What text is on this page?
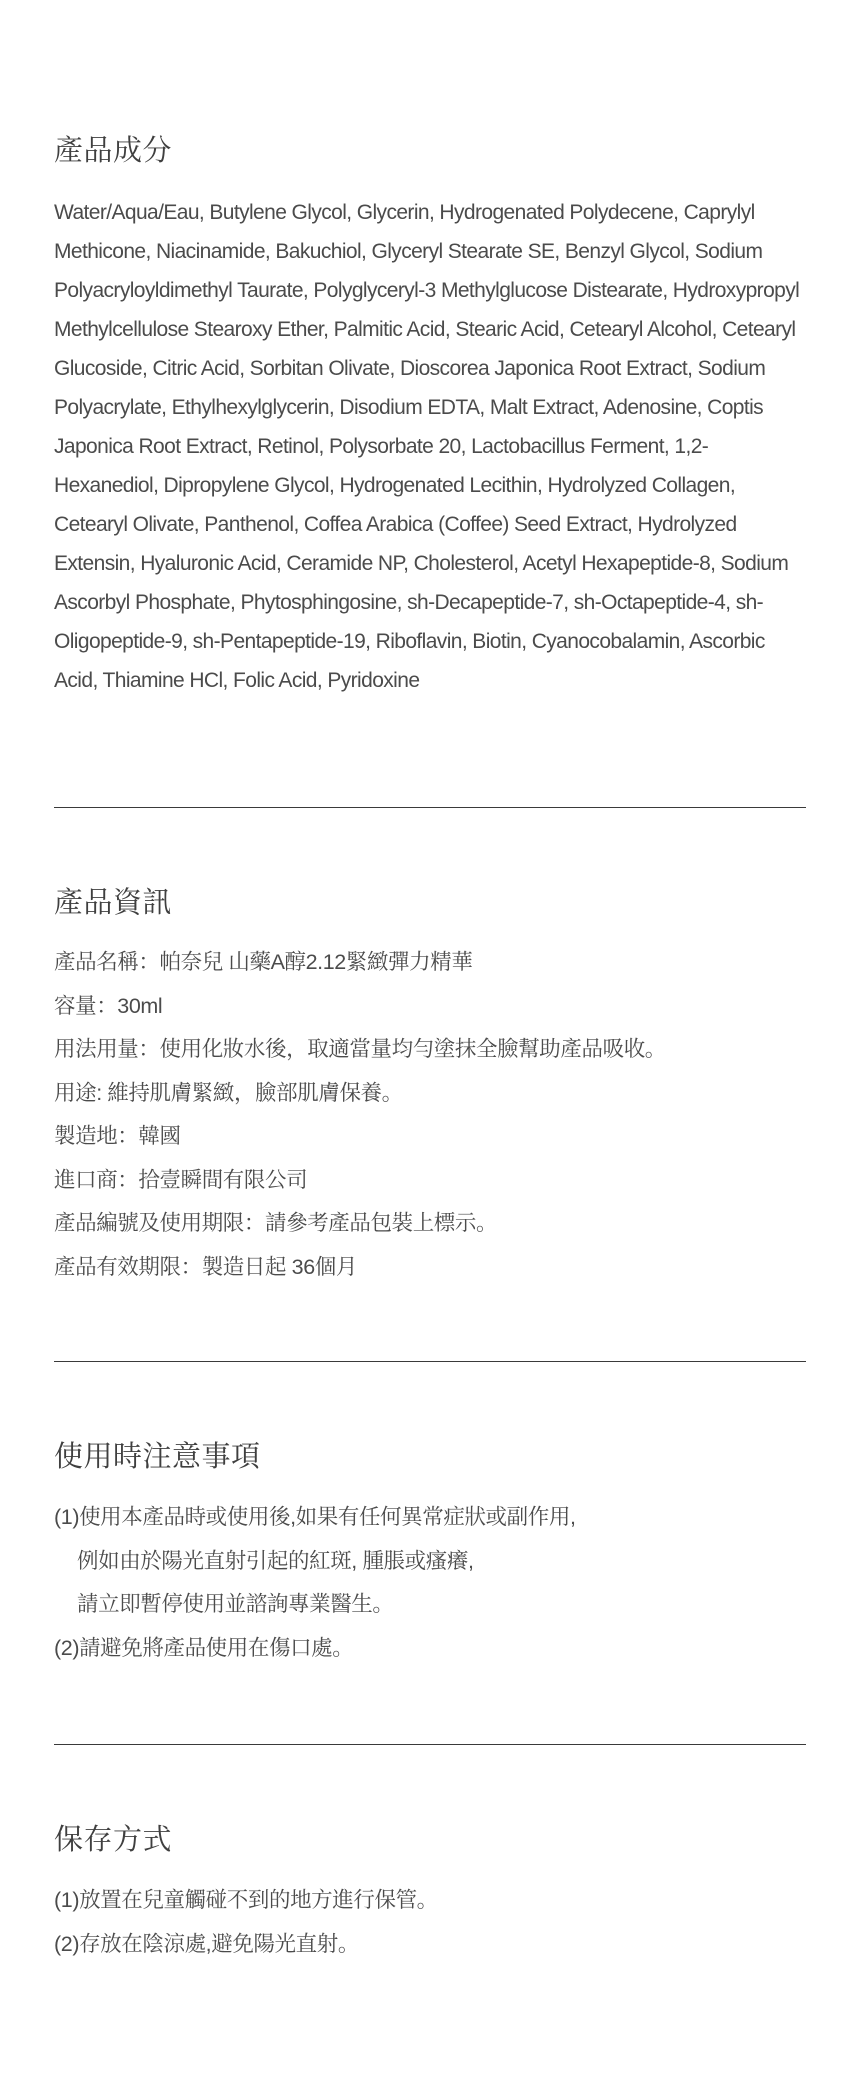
產品成分

Water/Aqua/Eau, Butylene Glycol, Glycerin, Hydrogenated Polydecene, Caprylyl Methicone, Niacinamide, Bakuchiol, Glyceryl Stearate SE, Benzyl Glycol, Sodium Polyacryloyldimethyl Taurate, Polyglyceryl-3 Methylglucose Distearate, Hydroxypropyl Methylcellulose Stearoxy Ether, Palmitic Acid, Stearic Acid, Cetearyl Alcohol, Cetearyl Glucoside, Citric Acid, Sorbitan Olivate, Dioscorea Japonica Root Extract, Sodium Polyacrylate, Ethylhexylglycerin, Disodium EDTA, Malt Extract, Adenosine, Coptis Japonica Root Extract, Retinol, Polysorbate 20, Lactobacillus Ferment, 1,2-Hexanediol, Dipropylene Glycol, Hydrogenated Lecithin, Hydrolyzed Collagen, Cetearyl Olivate, Panthenol, Coffea Arabica (Coffee) Seed Extract, Hydrolyzed Extensin, Hyaluronic Acid, Ceramide NP, Cholesterol, Acetyl Hexapeptide-8, Sodium Ascorbyl Phosphate, Phytosphingosine, sh-Decapeptide-7, sh-Octapeptide-4, sh-Oligopeptide-9, sh-Pentapeptide-19, Riboflavin, Biotin, Cyanocobalamin, Ascorbic Acid, Thiamine HCl, Folic Acid, Pyridoxine

產品資訊
產品名稱：帕奈兒 山藥A醇2.12緊緻彈力精華
容量：30ml
用法用量：使用化妝水後，取適當量均勻塗抹全臉幫助產品吸收。
用途: 維持肌膚緊緻，臉部肌膚保養。
製造地：韓國
進口商：拾壹瞬間有限公司
產品編號及使用期限：請參考產品包裝上標示。
產品有效期限：製造日起 36個月
使用時注意事項
(1)使用本產品時或使用後,如果有任何異常症狀或副作用,
例如由於陽光直射引起的紅斑, 腫脹或瘙癢,
請立即暫停使用並諮詢專業醫生。
(2)請避免將產品使用在傷口處。
保存方式
(1)放置在兒童觸碰不到的地方進行保管。
(2)存放在陰涼處,避免陽光直射。
